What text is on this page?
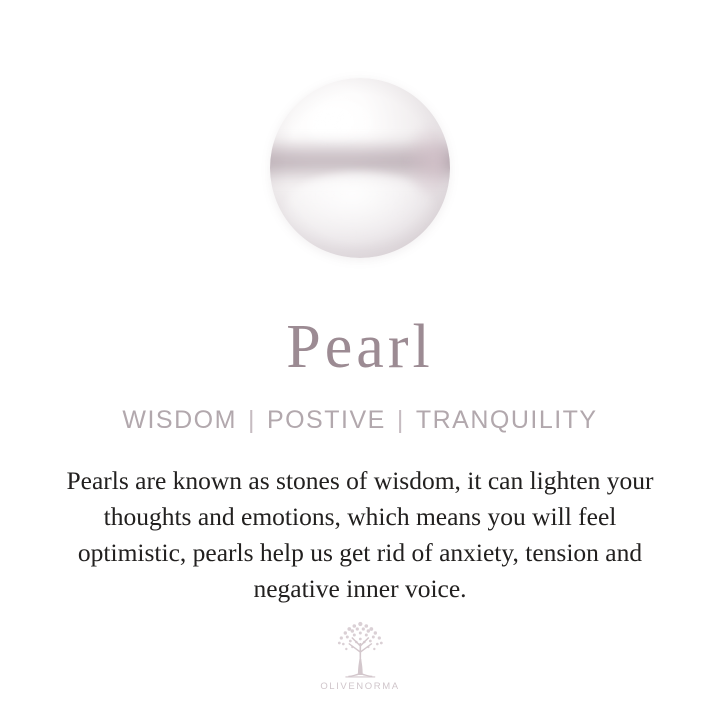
Pearl
WISDOM | POSTIVE | TRANQUILITY
Pearls are known as stones of wisdom, it can lighten your thoughts and emotions, which means you will feel optimistic, pearls help us get rid of anxiety, tension and negative inner voice.
OLIVENORMA
